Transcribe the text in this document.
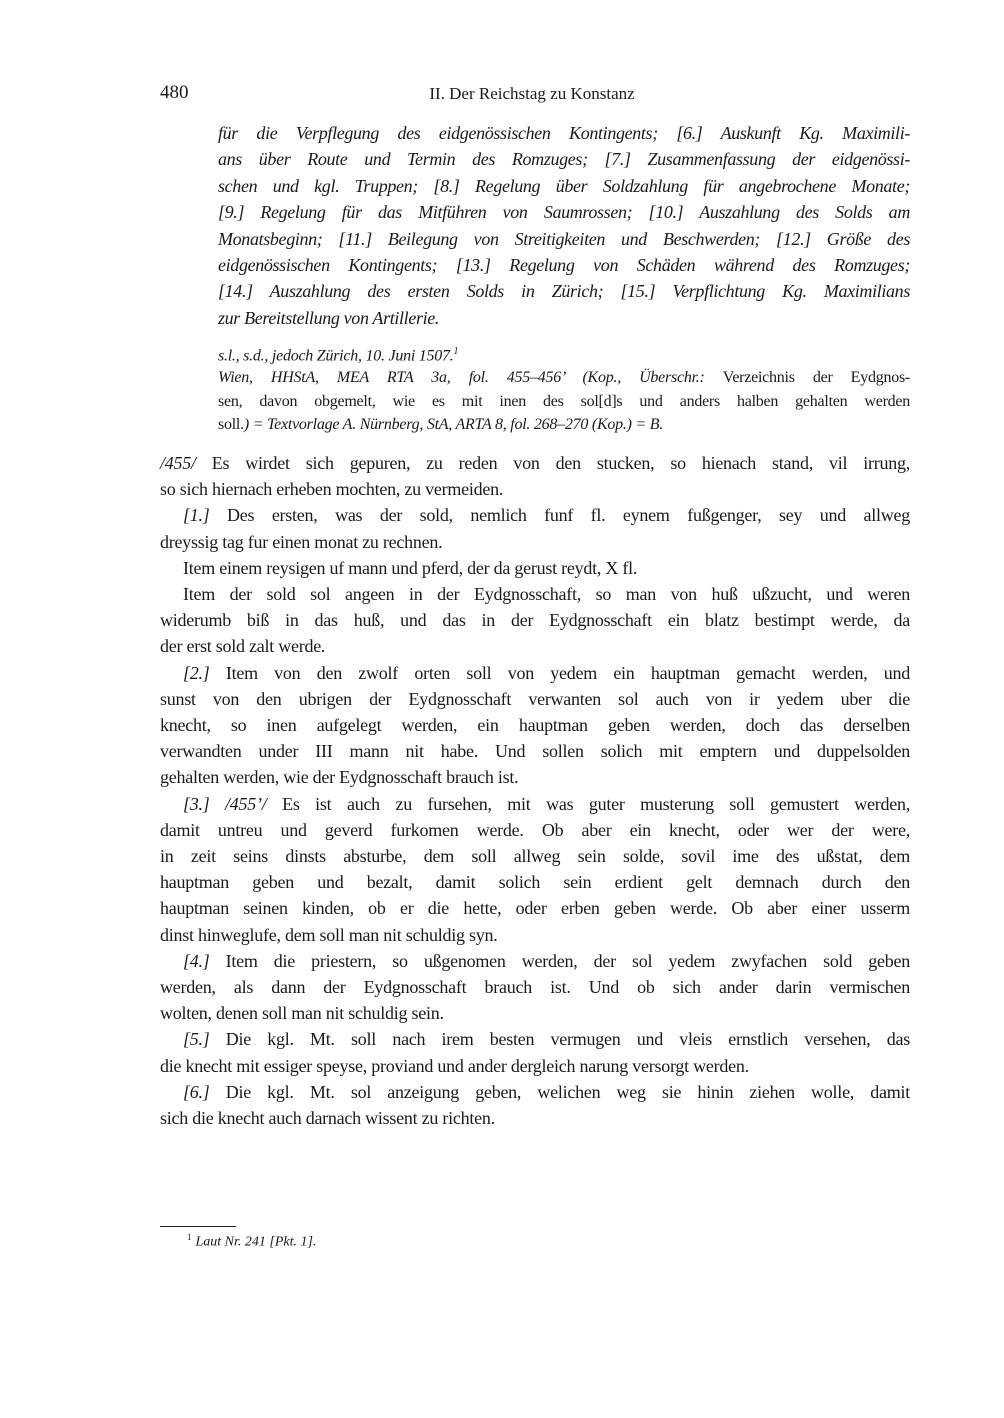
480	II. Der Reichstag zu Konstanz
für die Verpflegung des eidgenössischen Kontingents; [6.] Auskunft Kg. Maximili-
ans über Route und Termin des Romzuges; [7.] Zusammenfassung der eidgenössi-
schen und kgl. Truppen; [8.] Regelung über Soldzahlung für angebrochene Monate;
[9.] Regelung für das Mitführen von Saumrossen; [10.] Auszahlung des Solds am
Monatsbeginn; [11.] Beilegung von Streitigkeiten und Beschwerden; [12.] Größe des
eidgenössischen Kontingents; [13.] Regelung von Schäden während des Romzuges;
[14.] Auszahlung des ersten Solds in Zürich; [15.] Verpflichtung Kg. Maximilians
zur Bereitstellung von Artillerie.
s.l., s.d., jedoch Zürich, 10. Juni 1507.$^1$
Wien, HHStA, MEA RTA 3a, fol. 455–456’ (Kop., Überschr.: Verzeichnis der Eydgnos-
sen, davon obgemelt, wie es mit inen des sol[d]s und anders halben gehalten werden
soll.) = Textvorlage A. Nürnberg, StA, ARTA 8, fol. 268–270 (Kop.) = B.
/455/ Es wirdet sich gepuren, zu reden von den stucken, so hienach stand, vil irrung,
so sich hiernach erheben mochten, zu vermeiden.
[1.] Des ersten, was der sold, nemlich funf fl. eynem fußgenger, sey und allweg
dreyssig tag fur einen monat zu rechnen.
Item einem reysigen uf mann und pferd, der da gerust reydt, X fl.
Item der sold sol angeen in der Eydgnosschaft, so man von huß ußzucht, und weren
widerumb biß in das huß, und das in der Eydgnosschaft ein blatz bestimpt werde, da
der erst sold zalt werde.
[2.] Item von den zwolf orten soll von yedem ein hauptman gemacht werden, und
sunst von den ubrigen der Eydgnosschaft verwanten sol auch von ir yedem uber die
knecht, so inen aufgelegt werden, ein hauptman geben werden, doch das derselben
verwandten under III mann nit habe. Und sollen solich mit emptern und duppelsolden
gehalten werden, wie der Eydgnosschaft brauch ist.
[3.] /455’/ Es ist auch zu fursehen, mit was guter musterung soll gemustert werden,
damit untreu und geverd furkomen werde. Ob aber ein knecht, oder wer der were,
in zeit seins dinsts absturbe, dem soll allweg sein solde, sovil ime des ußstat, dem
hauptman geben und bezalt, damit solich sein erdient gelt demnach durch den
hauptman seinen kinden, ob er die hette, oder erben geben werde. Ob aber einer usserm
dinst hinweglufe, dem soll man nit schuldig syn.
[4.] Item die priestern, so ußgenomen werden, der sol yedem zwyfachen sold geben
werden, als dann der Eydgnosschaft brauch ist. Und ob sich ander darin vermischen
wolten, denen soll man nit schuldig sein.
[5.] Die kgl. Mt. soll nach irem besten vermugen und vleis ernstlich versehen, das
die knecht mit essiger speyse, proviand und ander dergleich narung versorgt werden.
[6.] Die kgl. Mt. sol anzeigung geben, welichen weg sie hinin ziehen wolle, damit
sich die knecht auch darnach wissent zu richten.
$^1$ Laut Nr. 241 [Pkt. 1].
